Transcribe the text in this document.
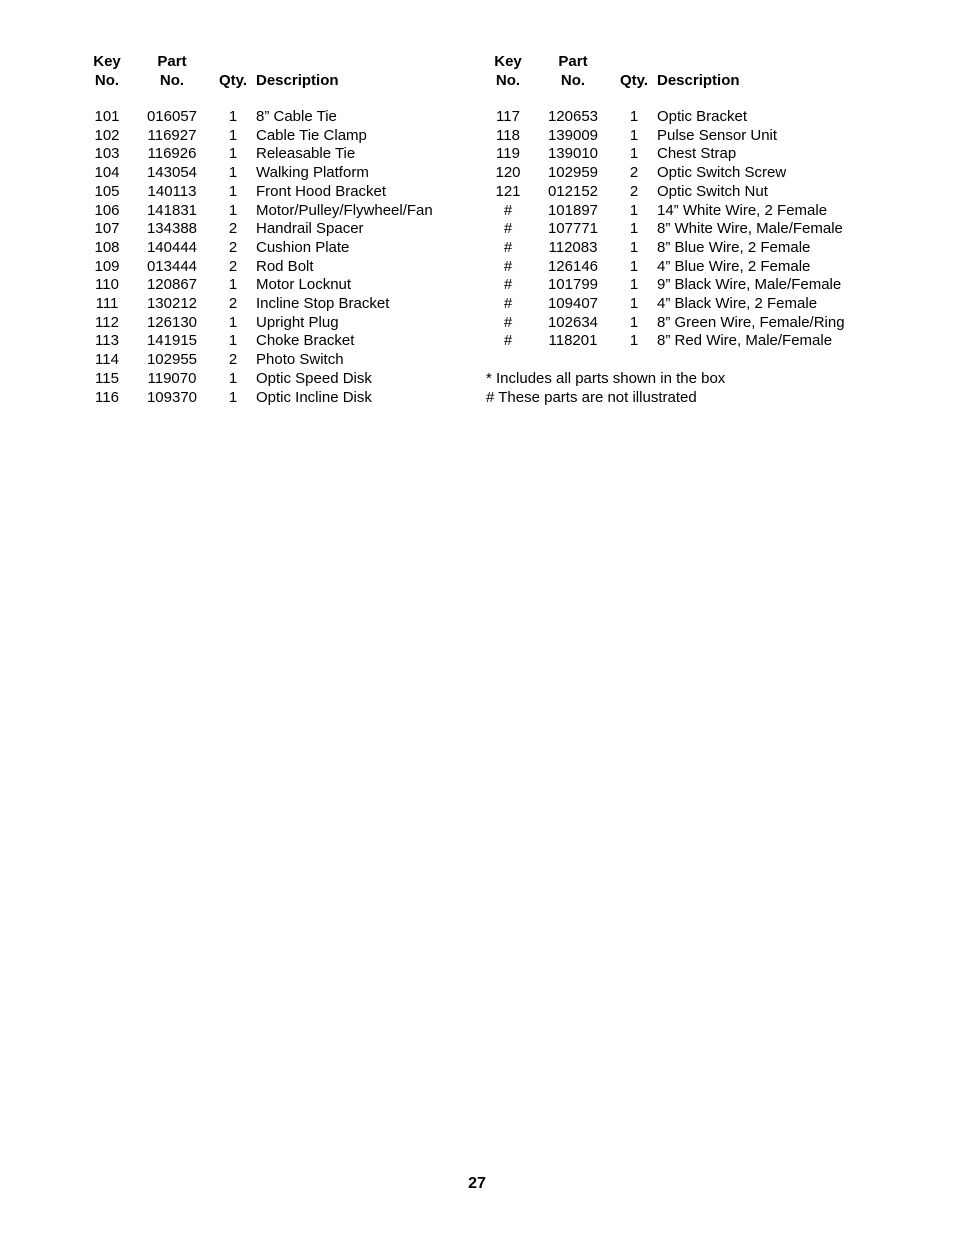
Key	Part		
No.	No.	Qty.	Description

101	016057	1	8” Cable Tie
102	116927	1	Cable Tie Clamp
103	116926	1	Releasable Tie
104	143054	1	Walking Platform
105	140113	1	Front Hood Bracket
106	141831	1	Motor/Pulley/Flywheel/Fan
107	134388	2	Handrail Spacer
108	140444	2	Cushion Plate
109	013444	2	Rod Bolt
110	120867	1	Motor Locknut
111	130212	2	Incline Stop Bracket
112	126130	1	Upright Plug
113	141915	1	Choke Bracket
114	102955	2	Photo Switch
115	119070	1	Optic Speed Disk
116	109370	1	Optic Incline Disk
Key	Part		
No.	No.	Qty.	Description

117	120653	1	Optic Bracket
118	139009	1	Pulse Sensor Unit
119	139010	1	Chest Strap
120	102959	2	Optic Switch Screw
121	012152	2	Optic Switch Nut
#	101897	1	14” White Wire, 2 Female
#	107771	1	8” White Wire, Male/Female
#	112083	1	8” Blue Wire, 2 Female
#	126146	1	4” Blue Wire, 2 Female
#	101799	1	9” Black Wire, Male/Female
#	109407	1	4” Black Wire, 2 Female
#	102634	1	8” Green Wire, Female/Ring
#	118201	1	8” Red Wire, Male/Female
* Includes all parts shown in the box
# These parts are not illustrated
27
